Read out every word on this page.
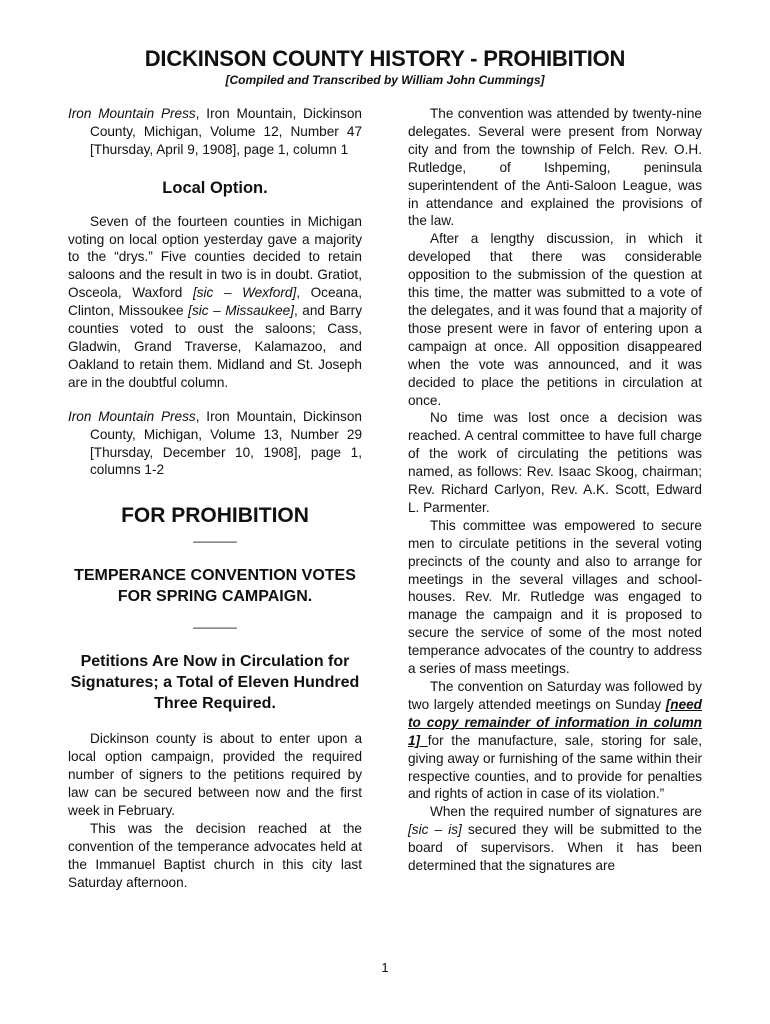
DICKINSON COUNTY HISTORY - PROHIBITION
[Compiled and Transcribed by William John Cummings]

Iron Mountain Press, Iron Mountain, Dickinson County, Michigan, Volume 12, Number 47 [Thursday, April 9, 1908], page 1, column 1

Local Option.

Seven of the fourteen counties in Michigan voting on local option yesterday gave a majority to the “drys.” Five counties decided to retain saloons and the result in two is in doubt. Gratiot, Osceola, Waxford [sic – Wexford], Oceana, Clinton, Missoukee [sic – Missaukee], and Barry counties voted to oust the saloons; Cass, Gladwin, Grand Traverse, Kalamazoo, and Oakland to retain them. Midland and St. Joseph are in the doubtful column.

Iron Mountain Press, Iron Mountain, Dickinson County, Michigan, Volume 13, Number 29 [Thursday, December 10, 1908], page 1, columns 1-2

FOR PROHIBITION
______
TEMPERANCE CONVENTION VOTES FOR SPRING CAMPAIGN.
______
Petitions Are Now in Circulation for Signatures; a Total of Eleven Hundred Three Required.

Dickinson county is about to enter upon a local option campaign, provided the required number of signers to the petitions required by law can be secured between now and the first week in February.

This was the decision reached at the convention of the temperance advocates held at the Immanuel Baptist church in this city last Saturday afternoon.

The convention was attended by twenty-nine delegates. Several were present from Norway city and from the township of Felch. Rev. O.H. Rutledge, of Ishpeming, peninsula superintendent of the Anti-Saloon League, was in attendance and explained the provisions of the law.

After a lengthy discussion, in which it developed that there was considerable opposition to the submission of the question at this time, the matter was submitted to a vote of the delegates, and it was found that a majority of those present were in favor of entering upon a campaign at once. All opposition disappeared when the vote was announced, and it was decided to place the petitions in circulation at once.

No time was lost once a decision was reached. A central committee to have full charge of the work of circulating the petitions was named, as follows: Rev. Isaac Skoog, chairman; Rev. Richard Carlyon, Rev. A.K. Scott, Edward L. Parmenter.

This committee was empowered to secure men to circulate petitions in the several voting precincts of the county and also to arrange for meetings in the several villages and school-houses. Rev. Mr. Rutledge was engaged to manage the campaign and it is proposed to secure the service of some of the most noted temperance advocates of the country to address a series of mass meetings.

The convention on Saturday was followed by two largely attended meetings on Sunday [need to copy remainder of information in column 1] for the manufacture, sale, storing for sale, giving away or furnishing of the same within their respective counties, and to provide for penalties and rights of action in case of its violation.”

When the required number of signatures are [sic – is] secured they will be submitted to the board of supervisors. When it has been determined that the signatures are

1
